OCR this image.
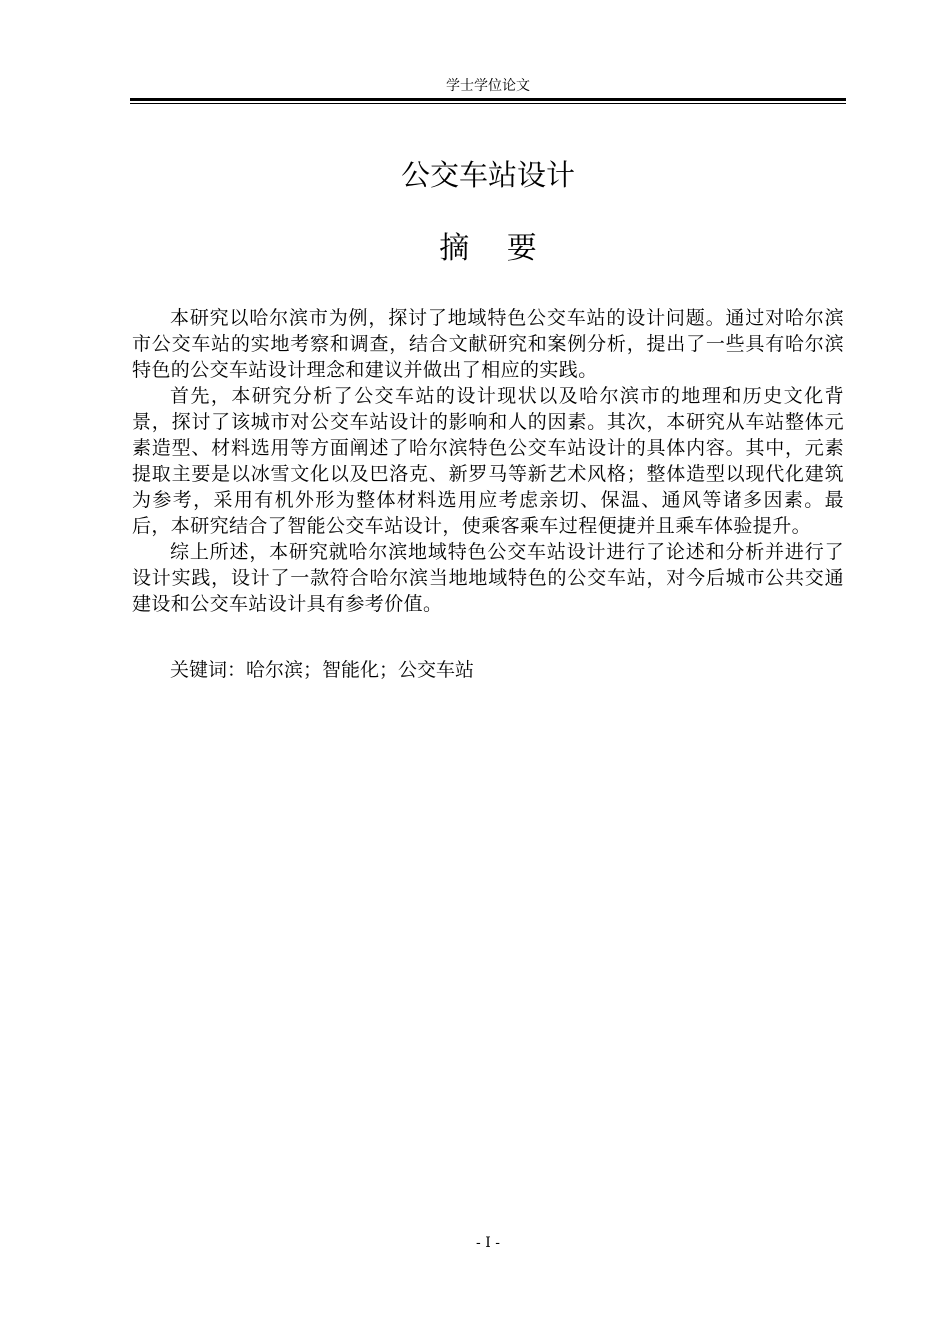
学士学位论文
公交车站设计
摘 要

本研究以哈尔滨市为例，探讨了地域特色公交车站的设计问题。通过对哈尔滨市公交车站的实地考察和调查，结合文献研究和案例分析，提出了一些具有哈尔滨特色的公交车站设计理念和建议并做出了相应的实践。

首先，本研究分析了公交车站的设计现状以及哈尔滨市的地理和历史文化背景，探讨了该城市对公交车站设计的影响和人的因素。其次，本研究从车站整体元素造型、材料选用等方面阐述了哈尔滨特色公交车站设计的具体内容。其中，元素提取主要是以冰雪文化以及巴洛克、新罗马等新艺术风格；整体造型以现代化建筑为参考，采用有机外形为整体材料选用应考虑亲切、保温、通风等诸多因素。最后，本研究结合了智能公交车站设计，使乘客乘车过程便捷并且乘车体验提升。

综上所述，本研究就哈尔滨地域特色公交车站设计进行了论述和分析并进行了设计实践，设计了一款符合哈尔滨当地地域特色的公交车站，对今后城市公共交通建设和公交车站设计具有参考价值。

关键词：哈尔滨；智能化；公交车站

- I -
